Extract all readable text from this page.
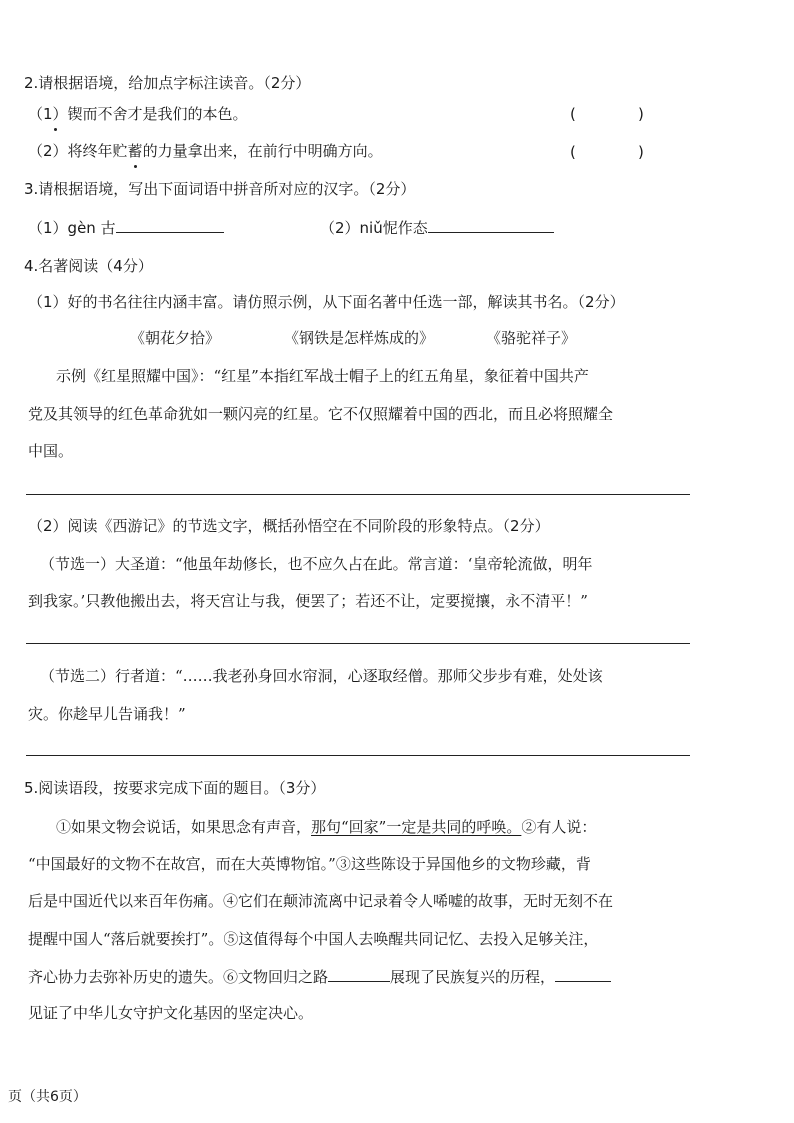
2.请根据语境，给加点字标注读音。（2分）
（1）锲而不舍才是我们的本色。	(	)
（2）将终年贮蓄的力量拿出来，在前行中明确方向。	(	)
3.请根据语境，写出下面词语中拼音所对应的汉字。（2分）
（1）gèn 古	（2）niǔ怩作态
4.名著阅读（4分）
（1）好的书名往往内涵丰富。请仿照示例，从下面名著中任选一部，解读其书名。（2分）
《朝花夕拾》	《钢铁是怎样炼成的》	《骆驼祥子》
示例《红星照耀中国》：“红星”本指红军战士帽子上的红五角星，象征着中国共产
党及其领导的红色革命犹如一颗闪亮的红星。它不仅照耀着中国的西北，而且必将照耀全
中国。
（2）阅读《西游记》的节选文字，概括孙悟空在不同阶段的形象特点。（2分）
（节选一）大圣道：“他虽年劫修长，也不应久占在此。常言道：‘皇帝轮流做，明年
到我家。’只教他搬出去，将天宫让与我，便罢了；若还不让，定要搅攘，永不清平！”
（节选二）行者道：“……我老孙身回水帘洞，心逐取经僧。那师父步步有难，处处该
灾。你趁早儿告诵我！”
5.阅读语段，按要求完成下面的题目。（3分）
①如果文物会说话，如果思念有声音，那句“回家”一定是共同的呼唤。②有人说：
“中国最好的文物不在故宫，而在大英博物馆。”③这些陈设于异国他乡的文物珍藏，背
后是中国近代以来百年伤痛。④它们在颠沛流离中记录着令人唏嘘的故事，无时无刻不在
提醒中国人“落后就要挨打”。⑤这值得每个中国人去唤醒共同记忆、去投入足够关注，
齐心协力去弥补历史的遗失。⑥文物回归之路	展现了民族复兴的历程，
见证了中华儿女守护文化基因的坚定决心。
页（共6页）
